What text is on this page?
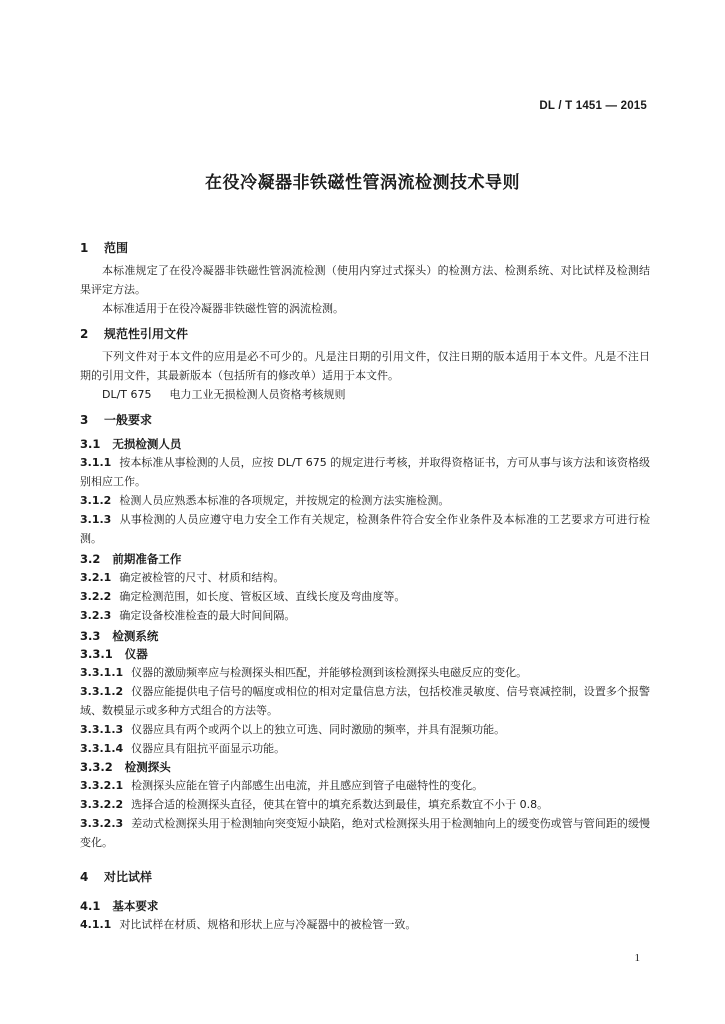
DL / T 1451 — 2015
在役冷凝器非铁磁性管涡流检测技术导则
1 范围
本标准规定了在役冷凝器非铁磁性管涡流检测（使用内穿过式探头）的检测方法、检测系统、对比试样及检测结果评定方法。
本标准适用于在役冷凝器非铁磁性管的涡流检测。
2 规范性引用文件
下列文件对于本文件的应用是必不可少的。凡是注日期的引用文件，仅注日期的版本适用于本文件。凡是不注日期的引用文件，其最新版本（包括所有的修改单）适用于本文件。
DL/T 675 电力工业无损检测人员资格考核规则
3 一般要求
3.1 无损检测人员
3.1.1 按本标准从事检测的人员，应按 DL/T 675 的规定进行考核，并取得资格证书，方可从事与该方法和该资格级别相应工作。
3.1.2 检测人员应熟悉本标准的各项规定，并按规定的检测方法实施检测。
3.1.3 从事检测的人员应遵守电力安全工作有关规定，检测条件符合安全作业条件及本标准的工艺要求方可进行检测。
3.2 前期准备工作
3.2.1 确定被检管的尺寸、材质和结构。
3.2.2 确定检测范围，如长度、管板区域、直线长度及弯曲度等。
3.2.3 确定设备校准检查的最大时间间隔。
3.3 检测系统
3.3.1 仪器
3.3.1.1 仪器的激励频率应与检测探头相匹配，并能够检测到该检测探头电磁反应的变化。
3.3.1.2 仪器应能提供电子信号的幅度或相位的相对定量信息方法，包括校准灵敏度、信号衰减控制，设置多个报警域、数模显示或多种方式组合的方法等。
3.3.1.3 仪器应具有两个或两个以上的独立可选、同时激励的频率，并具有混频功能。
3.3.1.4 仪器应具有阻抗平面显示功能。
3.3.2 检测探头
3.3.2.1 检测探头应能在管子内部感生出电流，并且感应到管子电磁特性的变化。
3.3.2.2 选择合适的检测探头直径，使其在管中的填充系数达到最佳，填充系数宜不小于 0.8。
3.3.2.3 差动式检测探头用于检测轴向突变短小缺陷，绝对式检测探头用于检测轴向上的缓变伤或管与管间距的缓慢变化。
4 对比试样
4.1 基本要求
4.1.1 对比试样在材质、规格和形状上应与冷凝器中的被检管一致。
1
